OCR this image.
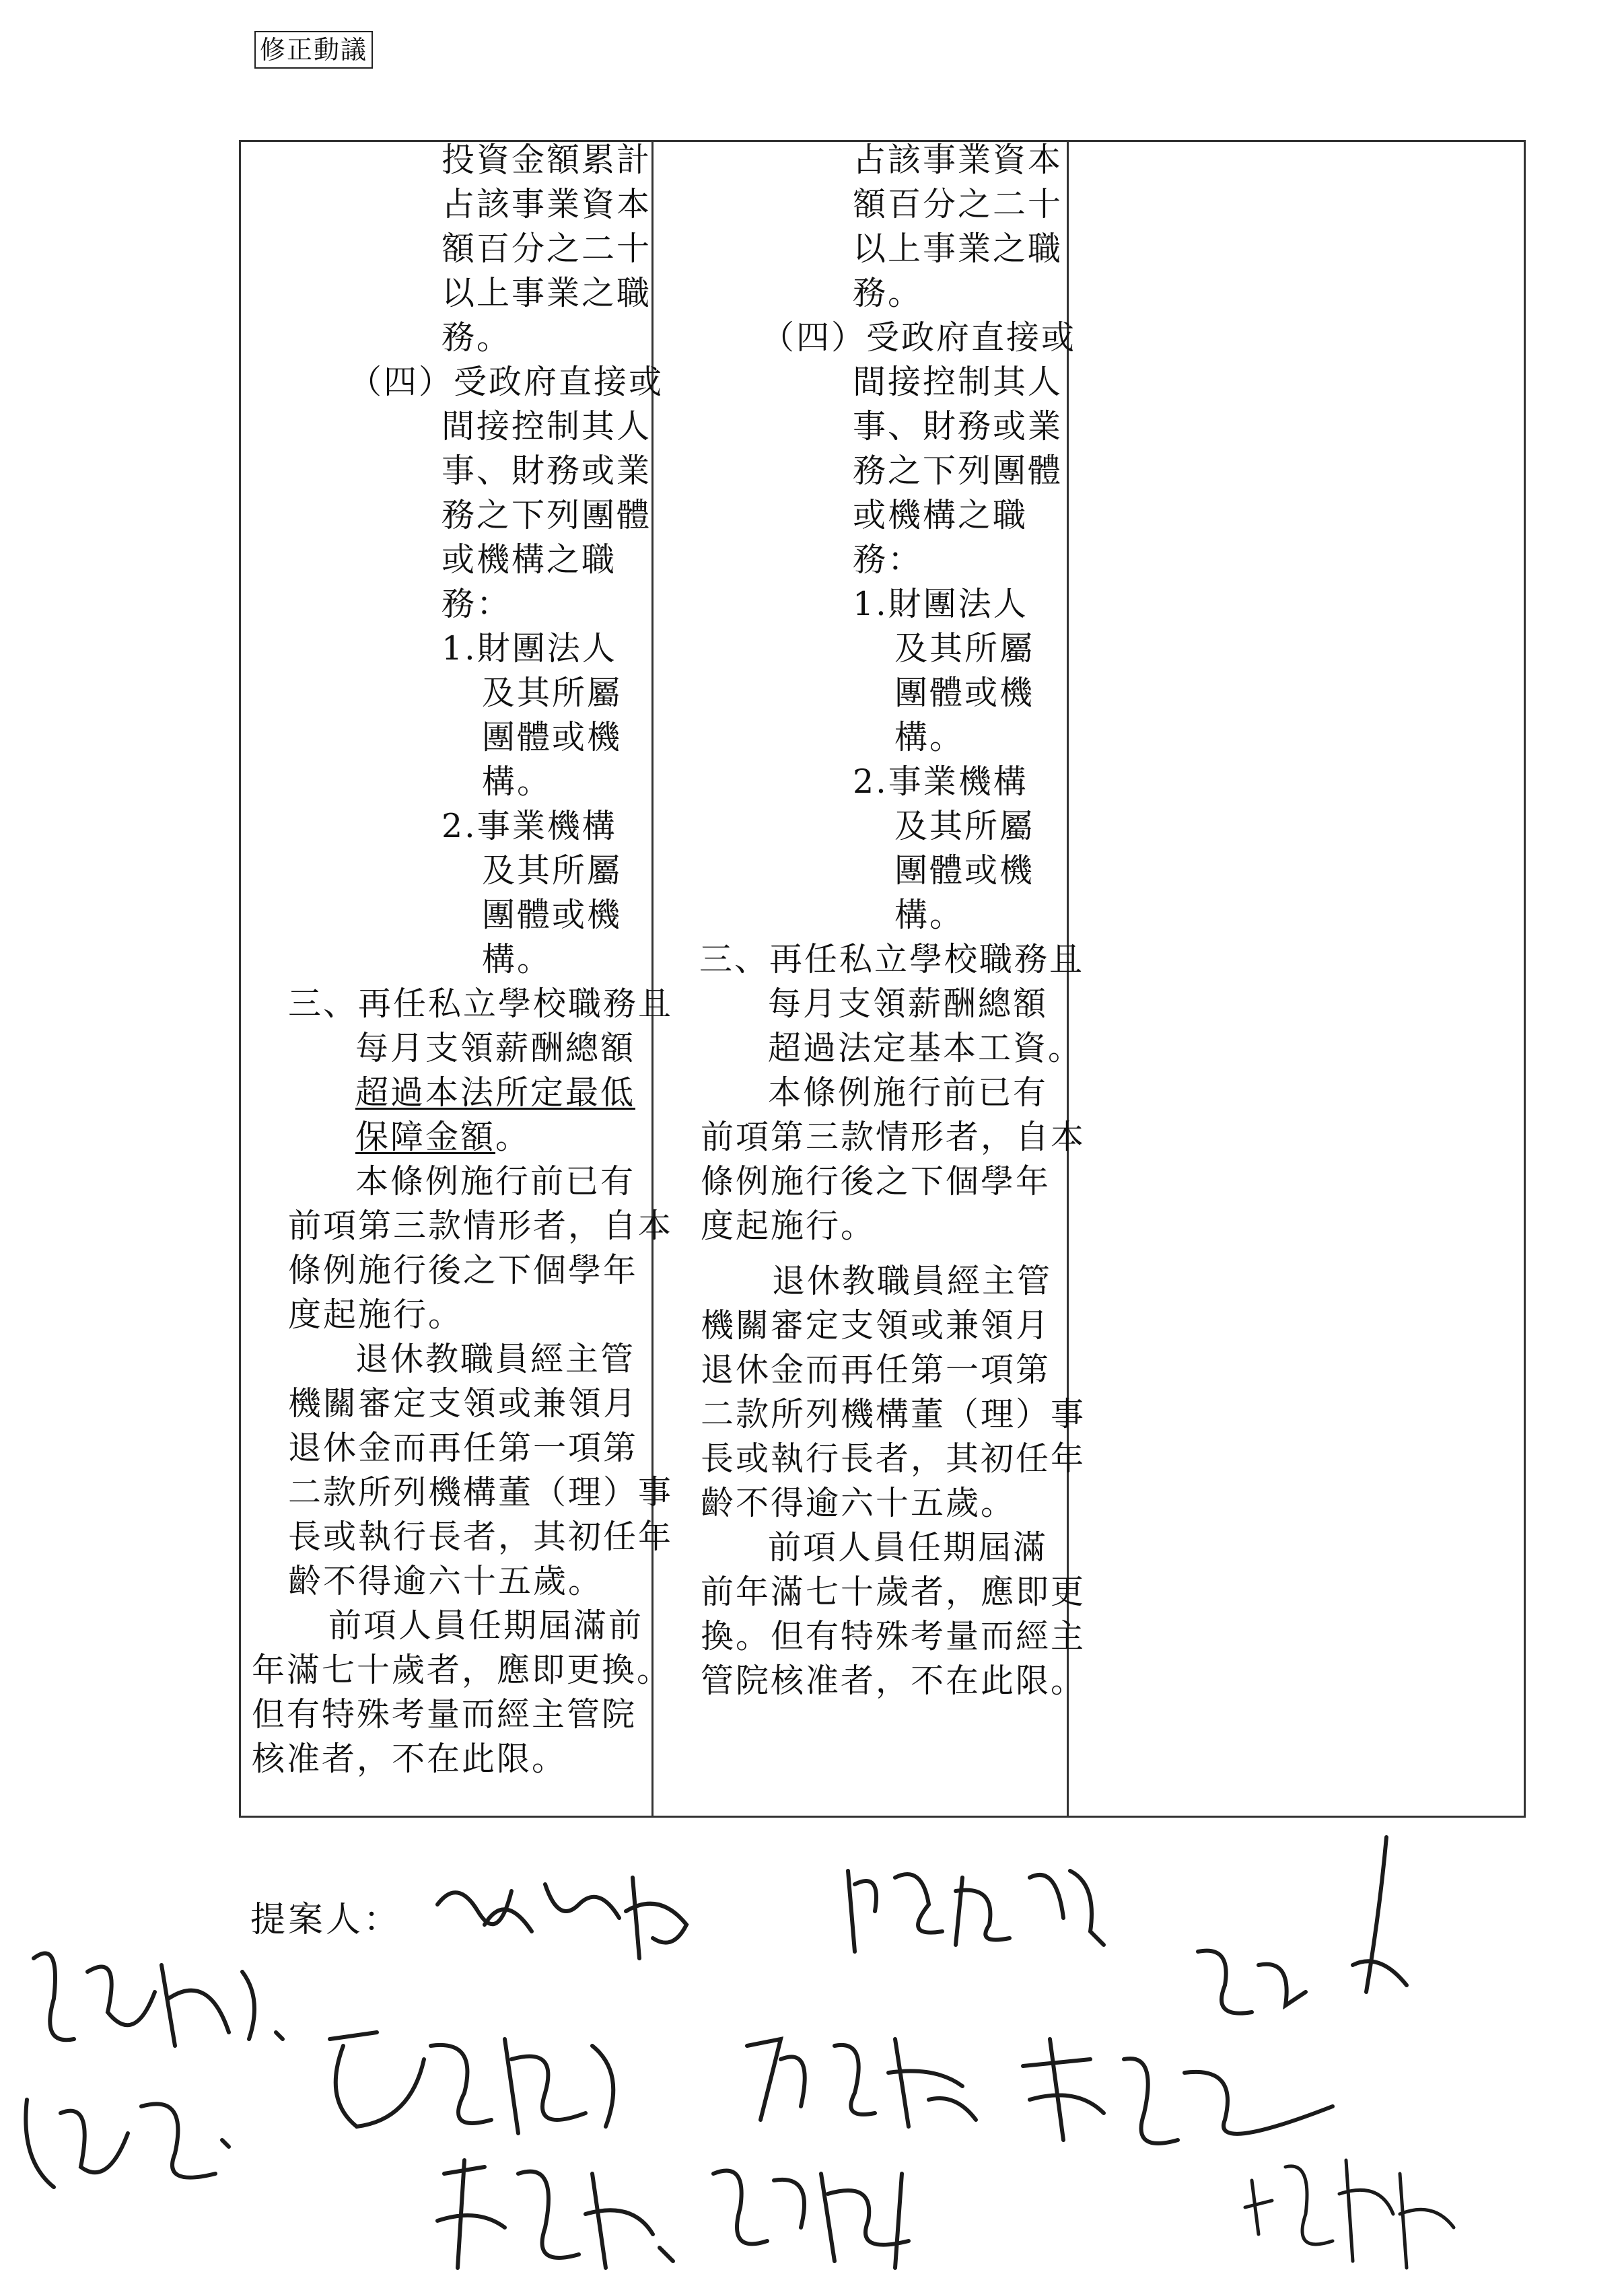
修正動議
投資金額累計
占該事業資本
額百分之二十
以上事業之職
務。
（四）受政府直接或
間接控制其人
事、財務或業
務之下列團體
或機構之職
務：
1.財團法人
及其所屬
團體或機
構。
2.事業機構
及其所屬
團體或機
構。
三、再任私立學校職務且
每月支領薪酬總額
超過本法所定最低
保障金額。
本條例施行前已有
前項第三款情形者，自本
條例施行後之下個學年
度起施行。
退休教職員經主管
機關審定支領或兼領月
退休金而再任第一項第
二款所列機構董（理）事
長或執行長者，其初任年
齡不得逾六十五歲。
前項人員任期屆滿前
年滿七十歲者，應即更換。
但有特殊考量而經主管院
核准者，不在此限。
占該事業資本
額百分之二十
以上事業之職
務。
（四）受政府直接或
間接控制其人
事、財務或業
務之下列團體
或機構之職
務：
1.財團法人
及其所屬
團體或機
構。
2.事業機構
及其所屬
團體或機
構。
三、再任私立學校職務且
每月支領薪酬總額
超過法定基本工資。
本條例施行前已有
前項第三款情形者，自本
條例施行後之下個學年
度起施行。
退休教職員經主管
機關審定支領或兼領月
退休金而再任第一項第
二款所列機構董（理）事
長或執行長者，其初任年
齡不得逾六十五歲。
前項人員任期屆滿
前年滿七十歲者，應即更
換。但有特殊考量而經主
管院核准者，不在此限。
提案人：
